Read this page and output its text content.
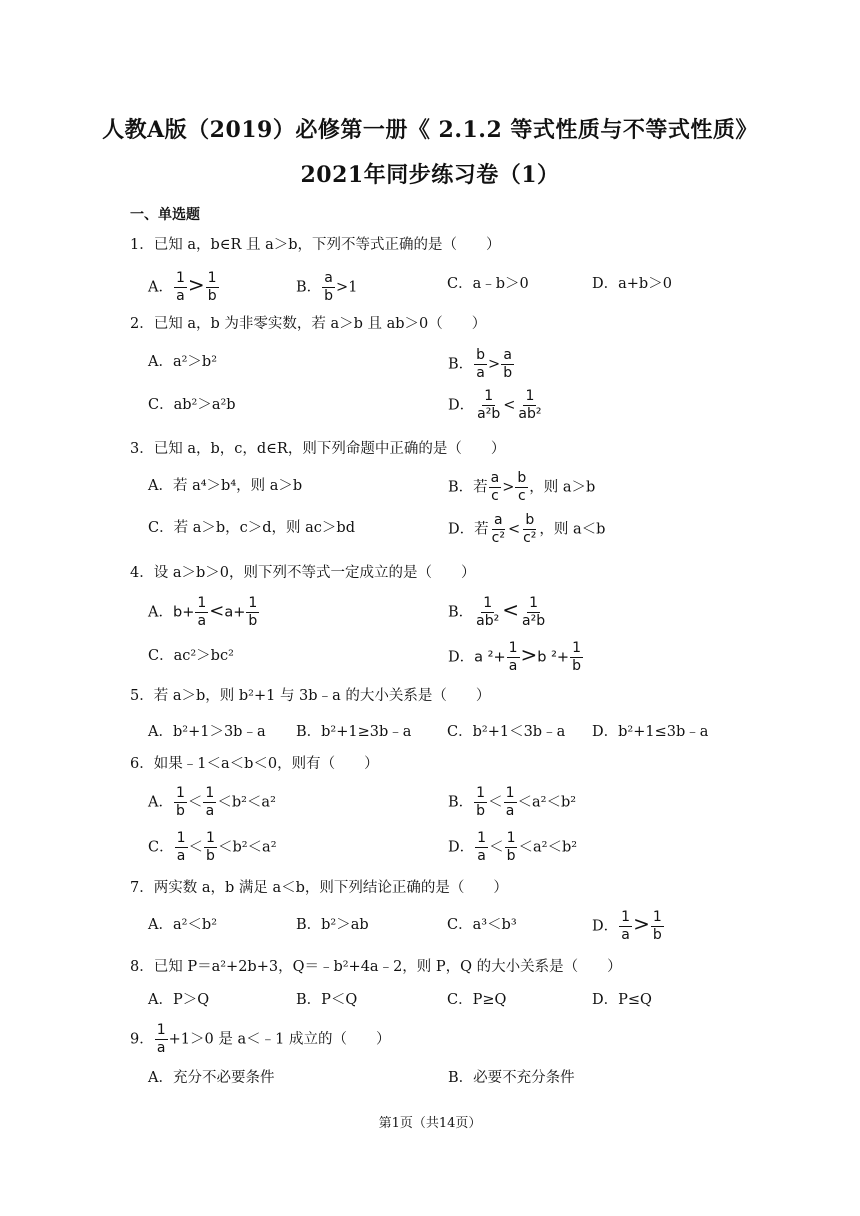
人教A版（2019）必修第一册《 2.1.2 等式性质与不等式性质》
2021年同步练习卷（1）
一、单选题
1．已知 a，b∈R 且 a＞b，下列不等式正确的是（　　）
A． $\frac{1}{a} > \frac{1}{b}$	B． $\frac{a}{b} >1$	C．a﹣b＞0	D．a+b＞0
2．已知 a，b 为非零实数，若 a＞b 且 ab＞0（　　）
A．a²＞b²	B． $\frac{b}{a} > \frac{a}{b}$
C．ab²＞a²b	D． $\frac{1}{\text{a²b}} < \frac{1}{\text{ab²}}$
3．已知 a，b，c，d∈R，则下列命题中正确的是（　　）
A．若 a⁴＞b⁴，则 a＞b	B．若 $\frac{a}{c} > \frac{b}{c}$ ，则 a＞b
C．若 a＞b，c＞d，则 ac＞bd	D．若 $\frac{a}{\text{c²}} < \frac{b}{\text{c²}}$ ，则 a＜b
4．设 a＞b＞0，则下列不等式一定成立的是（　　）
A．$b+ \frac{1}{a} <a+ \frac{1}{b}$	B． $\frac{1}{\text{ab²}} < \frac{1}{\text{a²b}}$
C．ac²＞bc²	D．a $^2+ \frac{1}{a} >b$ $^2+ \frac{1}{b}$
5．若 a＞b，则 b²+1 与 3b﹣a 的大小关系是（　　）
A．b²+1＞3b﹣a B．b²+1≥3b﹣a C．b²+1＜3b﹣a D．b²+1≤3b﹣a
6．如果﹣1＜a＜b＜0，则有（　　）
A． $\frac{1}{b} < \frac{1}{a} <b^2<a^2$	B． $\frac{1}{b} < \frac{1}{a} <a^2<b^2$
C． $\frac{1}{a} < \frac{1}{b} <b^2<a^2$	D． $\frac{1}{a} < \frac{1}{b} <a^2<b^2$
7．两实数 a，b 满足 a＜b，则下列结论正确的是（　　）
A．a²＜b²	B．b²＞ab	C．a³＜b³	D． $\frac{1}{a} > \frac{1}{b}$
8．已知 P＝a²+2b+3，Q＝﹣b²+4a﹣2，则 P，Q 的大小关系是（　　）
A．P＞Q	B．P＜Q	C．P≥Q	D．P≤Q
9． $\frac{1}{a} +1>0$ 是 a＜﹣1 成立的（　　）
A．充分不必要条件	B．必要不充分条件
第1页（共14页）
